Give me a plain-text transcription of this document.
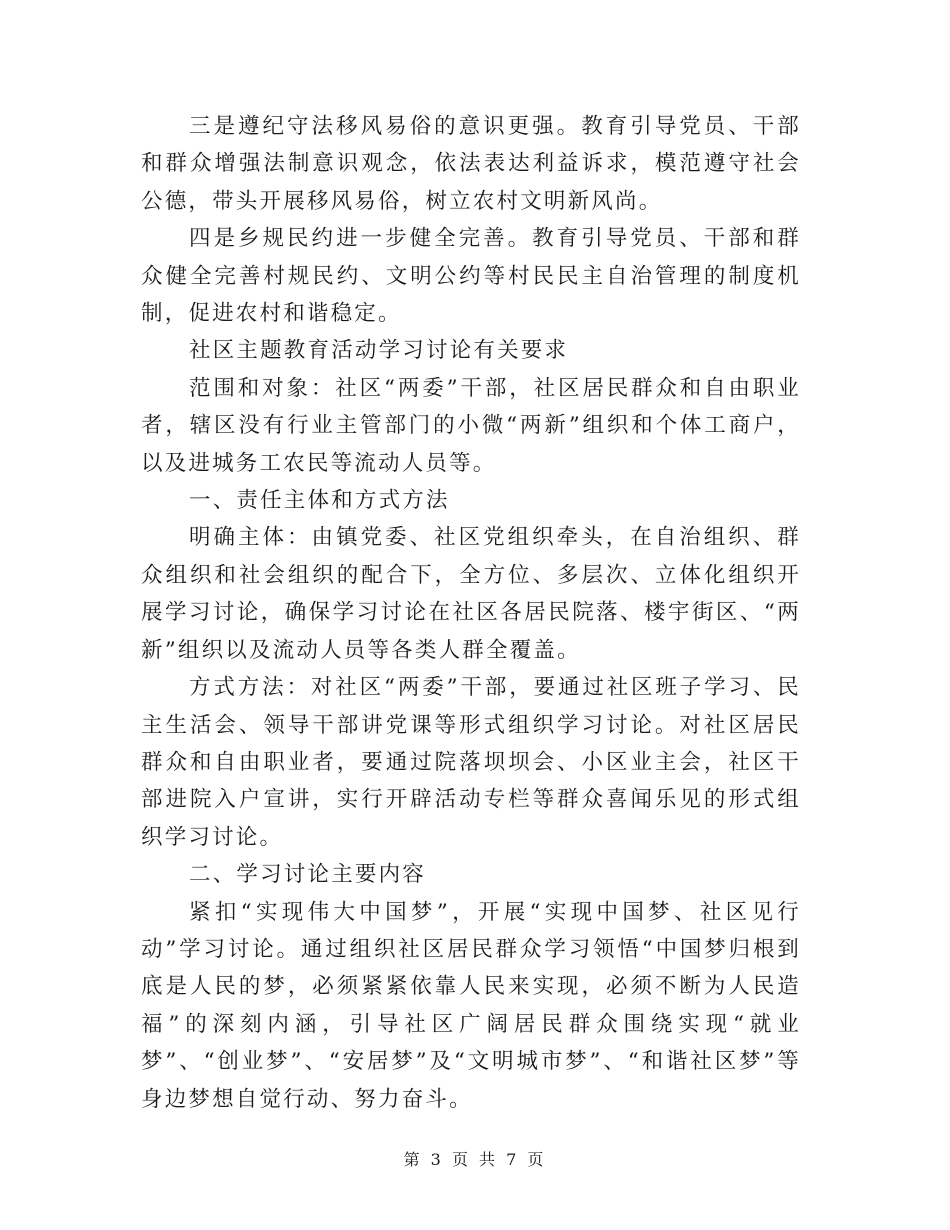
三是遵纪守法移风易俗的意识更强。教育引导党员、干部和群众增强法制意识观念，依法表达利益诉求，模范遵守社会公德，带头开展移风易俗，树立农村文明新风尚。

四是乡规民约进一步健全完善。教育引导党员、干部和群众健全完善村规民约、文明公约等村民民主自治管理的制度机制，促进农村和谐稳定。

社区主题教育活动学习讨论有关要求

范围和对象：社区“两委”干部，社区居民群众和自由职业者，辖区没有行业主管部门的小微“两新”组织和个体工商户，以及进城务工农民等流动人员等。

一、责任主体和方式方法

明确主体：由镇党委、社区党组织牵头，在自治组织、群众组织和社会组织的配合下，全方位、多层次、立体化组织开展学习讨论，确保学习讨论在社区各居民院落、楼宇街区、“两新”组织以及流动人员等各类人群全覆盖。

方式方法：对社区“两委”干部，要通过社区班子学习、民主生活会、领导干部讲党课等形式组织学习讨论。对社区居民群众和自由职业者，要通过院落坝坝会、小区业主会，社区干部进院入户宣讲，实行开辟活动专栏等群众喜闻乐见的形式组织学习讨论。

二、学习讨论主要内容

紧扣“实现伟大中国梦”，开展“实现中国梦、社区见行动”学习讨论。通过组织社区居民群众学习领悟“中国梦归根到底是人民的梦，必须紧紧依靠人民来实现，必须不断为人民造福”的深刻内涵，引导社区广阔居民群众围绕实现“就业梦”、“创业梦”、“安居梦”及“文明城市梦”、“和谐社区梦”等身边梦想自觉行动、努力奋斗。

第 3 页 共 7 页
